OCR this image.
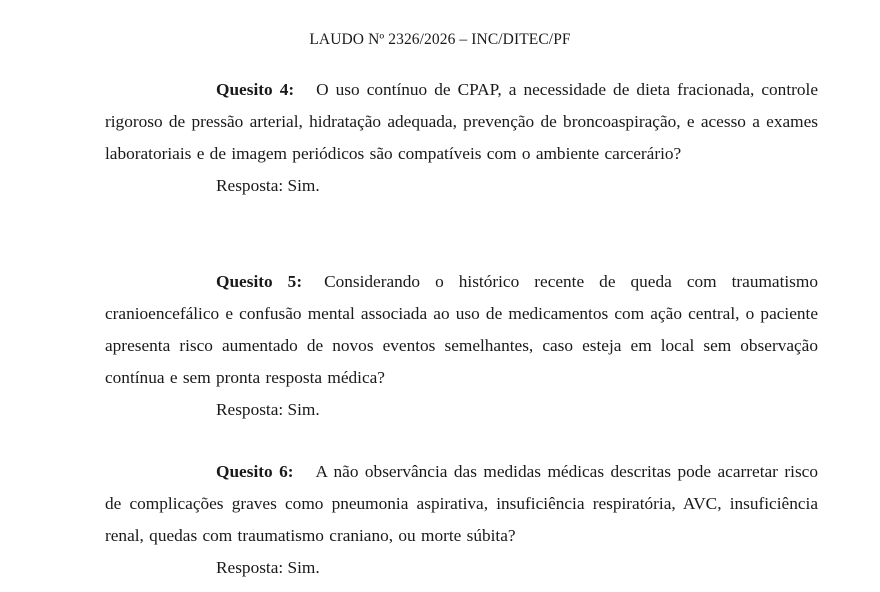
LAUDO Nº 2326/2026 – INC/DITEC/PF

Quesito 4: O uso contínuo de CPAP, a necessidade de dieta fracionada, controle rigoroso de pressão arterial, hidratação adequada, prevenção de broncoaspiração, e acesso a exames laboratoriais e de imagem periódicos são compatíveis com o ambiente carcerário?

Resposta: Sim.

Quesito 5: Considerando o histórico recente de queda com traumatismo cranioencefálico e confusão mental associada ao uso de medicamentos com ação central, o paciente apresenta risco aumentado de novos eventos semelhantes, caso esteja em local sem observação contínua e sem pronta resposta médica?

Resposta: Sim.

Quesito 6: A não observância das medidas médicas descritas pode acarretar risco de complicações graves como pneumonia aspirativa, insuficiência respiratória, AVC, insuficiência renal, quedas com traumatismo craniano, ou morte súbita?

Resposta: Sim.
